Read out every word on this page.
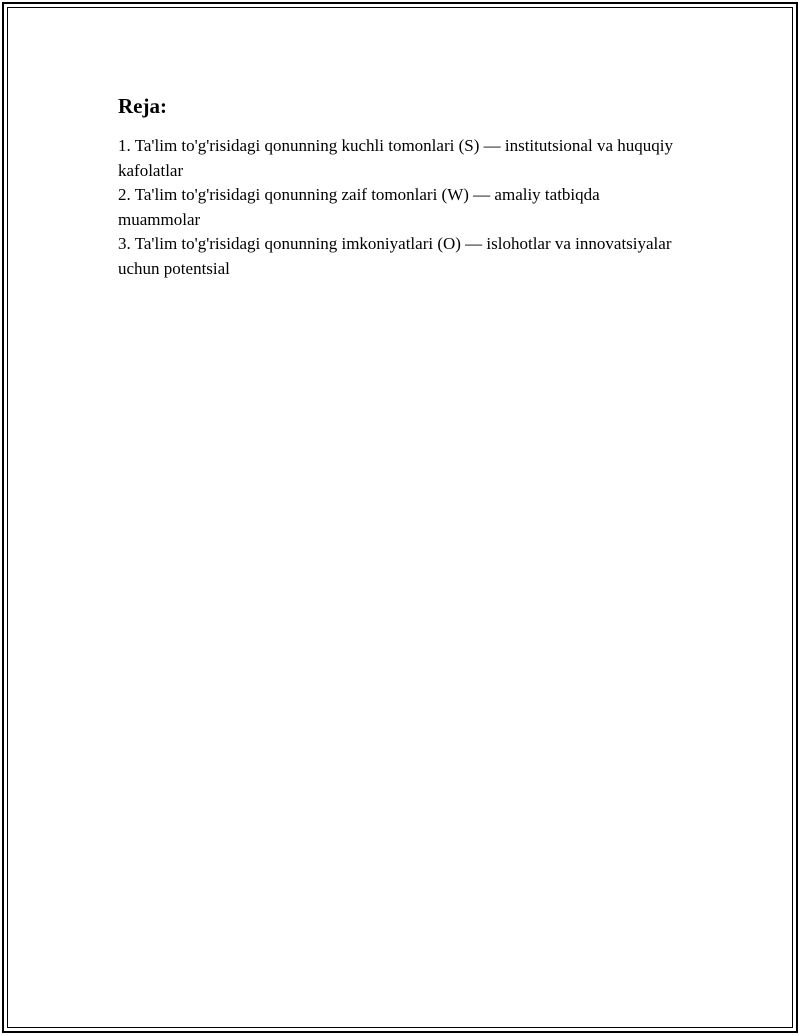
Reja:
1. Ta'lim to'g'risidagi qonunning kuchli tomonlari (S) — institutsional va huquqiy kafolatlar
2. Ta'lim to'g'risidagi qonunning zaif tomonlari (W) — amaliy tatbiqda muammolar
3. Ta'lim to'g'risidagi qonunning imkoniyatlari (O) — islohotlar va innovatsiyalar uchun potentsial
